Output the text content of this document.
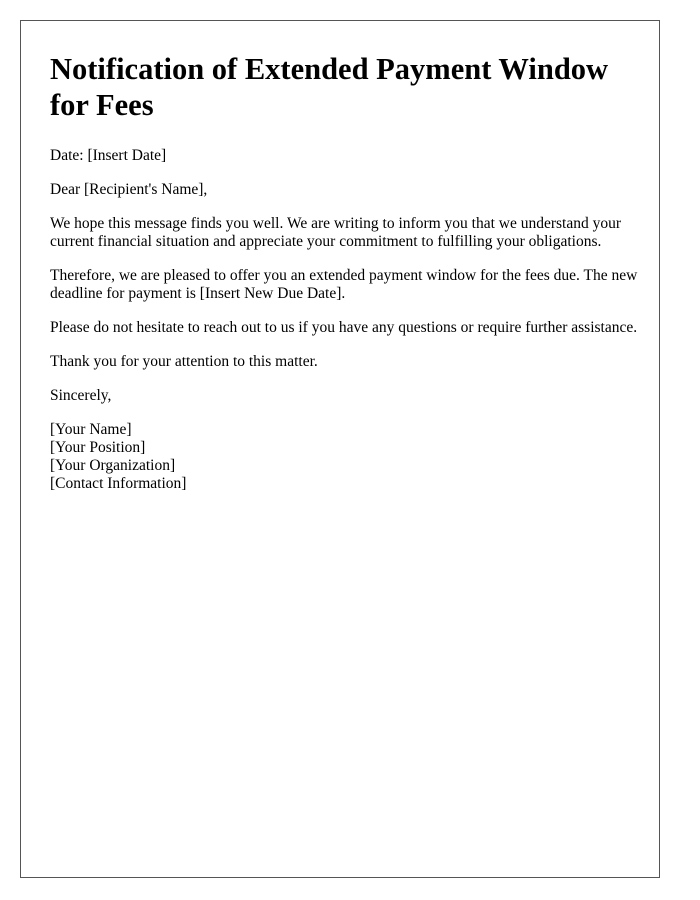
Notification of Extended Payment Window for Fees

Date: [Insert Date]

Dear [Recipient's Name],

We hope this message finds you well. We are writing to inform you that we understand your current financial situation and appreciate your commitment to fulfilling your obligations.

Therefore, we are pleased to offer you an extended payment window for the fees due. The new deadline for payment is [Insert New Due Date].

Please do not hesitate to reach out to us if you have any questions or require further assistance.

Thank you for your attention to this matter.

Sincerely,

[Your Name]
[Your Position]
[Your Organization]
[Contact Information]
